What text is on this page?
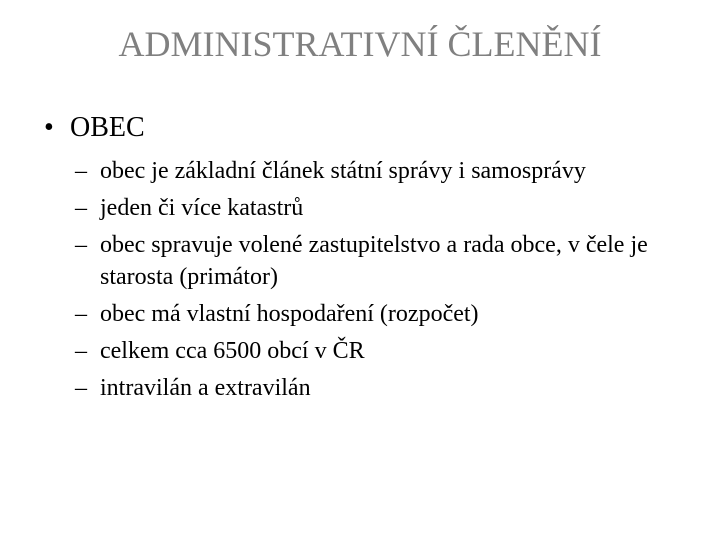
ADMINISTRATIVNÍ ČLENĚNÍ
• OBEC
– obec je základní článek státní správy i samosprávy
– jeden či více katastrů
– obec spravuje volené zastupitelstvo a rada obce, v čele je starosta (primátor)
– obec má vlastní hospodaření (rozpočet)
– celkem cca 6500 obcí v ČR
– intravilán a extravilán
